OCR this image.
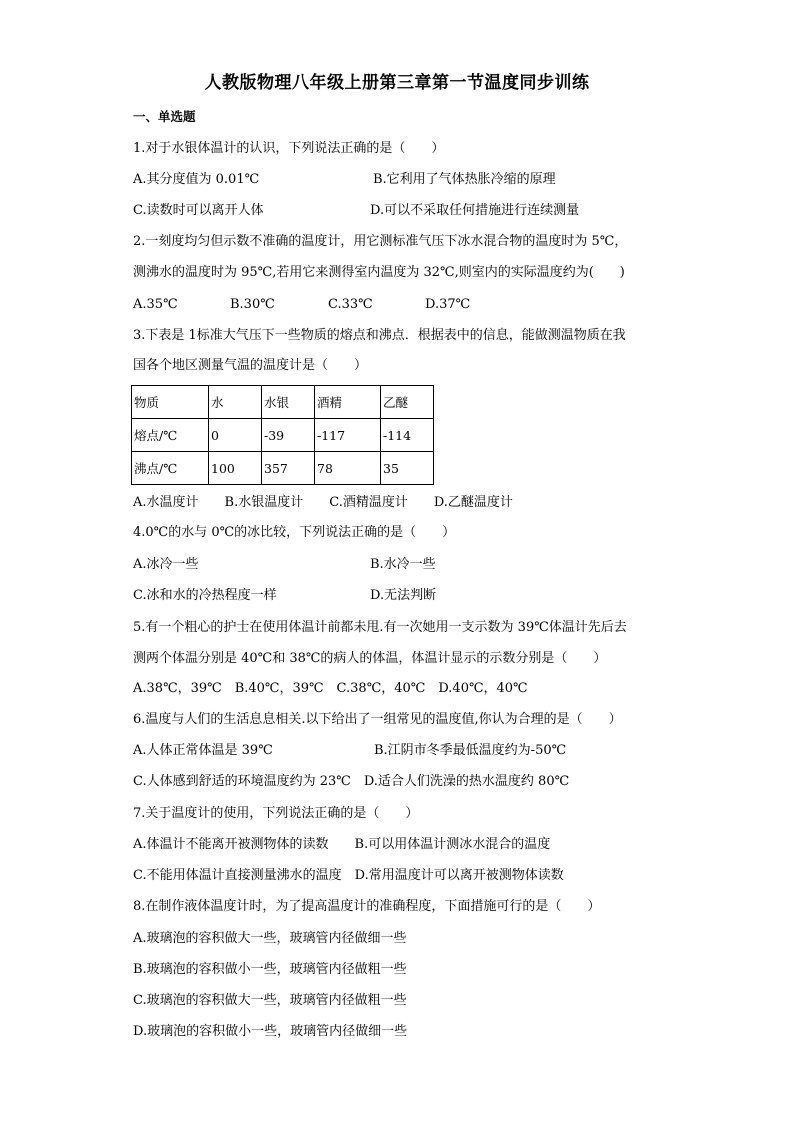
人教版物理八年级上册第三章第一节温度同步训练
一、单选题
1.对于水银体温计的认识，下列说法正确的是（　　）
A.其分度值为 0.01℃	B.它利用了气体热胀冷缩的原理
C.读数时可以离开人体	D.可以不采取任何措施进行连续测量
2.一刻度均匀但示数不准确的温度计，用它测标准气压下冰水混合物的温度时为 5℃，
测沸水的温度时为 95℃,若用它来测得室内温度为 32℃,则室内的实际温度约为(　　)
A.35℃	B.30℃	C.33℃	D.37℃
3.下表是 1标准大气压下一些物质的熔点和沸点．根据表中的信息，能做测温物质在我
国各个地区测量气温的温度计是（　　）
物质	水	水银	酒精	乙醚
熔点/℃	0	-39	-117	-114
沸点/℃	100	357	78	35
A.水温度计　　B.水银温度计　　C.酒精温度计　　D.乙醚温度计
4.0℃的水与 0℃的冰比较，下列说法正确的是（　　）
A.冰冷一些	B.水冷一些
C.冰和水的冷热程度一样	D.无法判断
5.有一个粗心的护士在使用体温计前都未甩.有一次她用一支示数为 39℃体温计先后去
测两个体温分别是 40℃和 38℃的病人的体温，体温计显示的示数分别是（　　）
A.38℃，39℃　B.40℃，39℃　C.38℃，40℃　D.40℃，40℃
6.温度与人们的生活息息相关.以下给出了一组常见的温度值,你认为合理的是（　　）
A.人体正常体温是 39℃	B.江阴市冬季最低温度约为-50℃
C.人体感到舒适的环境温度约为 23℃　D.适合人们洗澡的热水温度约 80℃
7.关于温度计的使用，下列说法正确的是（　　）
A.体温计不能离开被测物体的读数　　B.可以用体温计测冰水混合的温度
C.不能用体温计直接测量沸水的温度　D.常用温度计可以离开被测物体读数
8.在制作液体温度计时，为了提高温度计的准确程度，下面措施可行的是（　　）
A.玻璃泡的容积做大一些，玻璃管内径做细一些
B.玻璃泡的容积做小一些，玻璃管内径做粗一些
C.玻璃泡的容积做大一些，玻璃管内径做粗一些
D.玻璃泡的容积做小一些，玻璃管内径做细一些
